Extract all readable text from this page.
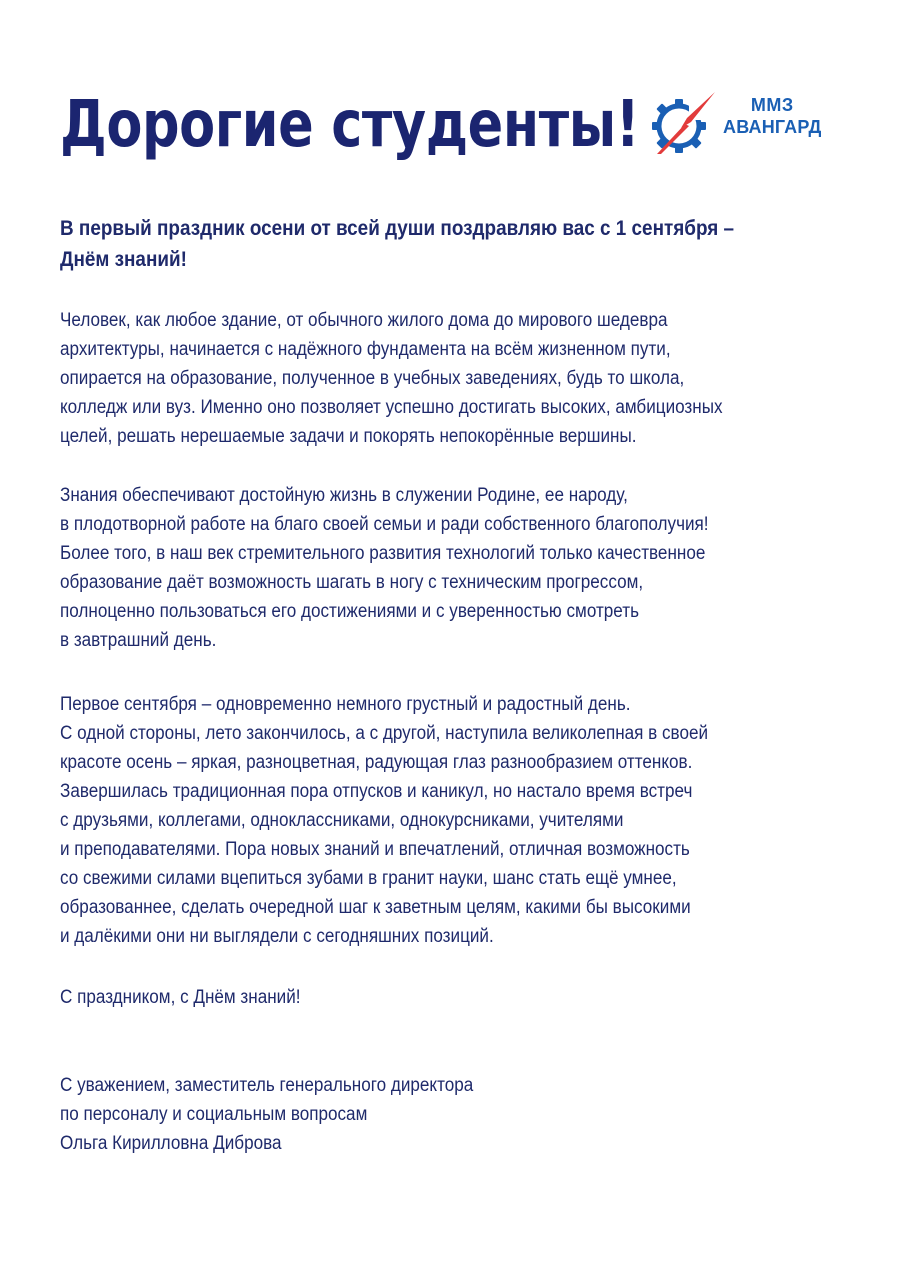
Дорогие студенты!	ММЗ
АВАНГАРД
В первый праздник осени от всей души поздравляю вас с 1 сентября –
Днём знаний!
Человек, как любое здание, от обычного жилого дома до мирового шедевра
архитектуры, начинается с надёжного фундамента на всём жизненном пути,
опирается на образование, полученное в учебных заведениях, будь то школа,
колледж или вуз. Именно оно позволяет успешно достигать высоких, амбициозных
целей, решать нерешаемые задачи и покорять непокорённые вершины.
Знания обеспечивают достойную жизнь в служении Родине, ее народу,
в плодотворной работе на благо своей семьи и ради собственного благополучия!
Более того, в наш век стремительного развития технологий только качественное
образование даёт возможность шагать в ногу с техническим прогрессом,
полноценно пользоваться его достижениями и с уверенностью смотреть
в завтрашний день.
Первое сентября – одновременно немного грустный и радостный день.
С одной стороны, лето закончилось, а с другой, наступила великолепная в своей
красоте осень – яркая, разноцветная, радующая глаз разнообразием оттенков.
Завершилась традиционная пора отпусков и каникул, но настало время встреч
с друзьями, коллегами, одноклассниками, однокурсниками, учителями
и преподавателями. Пора новых знаний и впечатлений, отличная возможность
со свежими силами вцепиться зубами в гранит науки, шанс стать ещё умнее,
образованнее, сделать очередной шаг к заветным целям, какими бы высокими
и далёкими они ни выглядели с сегодняшних позиций.
С праздником, с Днём знаний!
С уважением, заместитель генерального директора
по персоналу и социальным вопросам
Ольга Кирилловна Диброва
